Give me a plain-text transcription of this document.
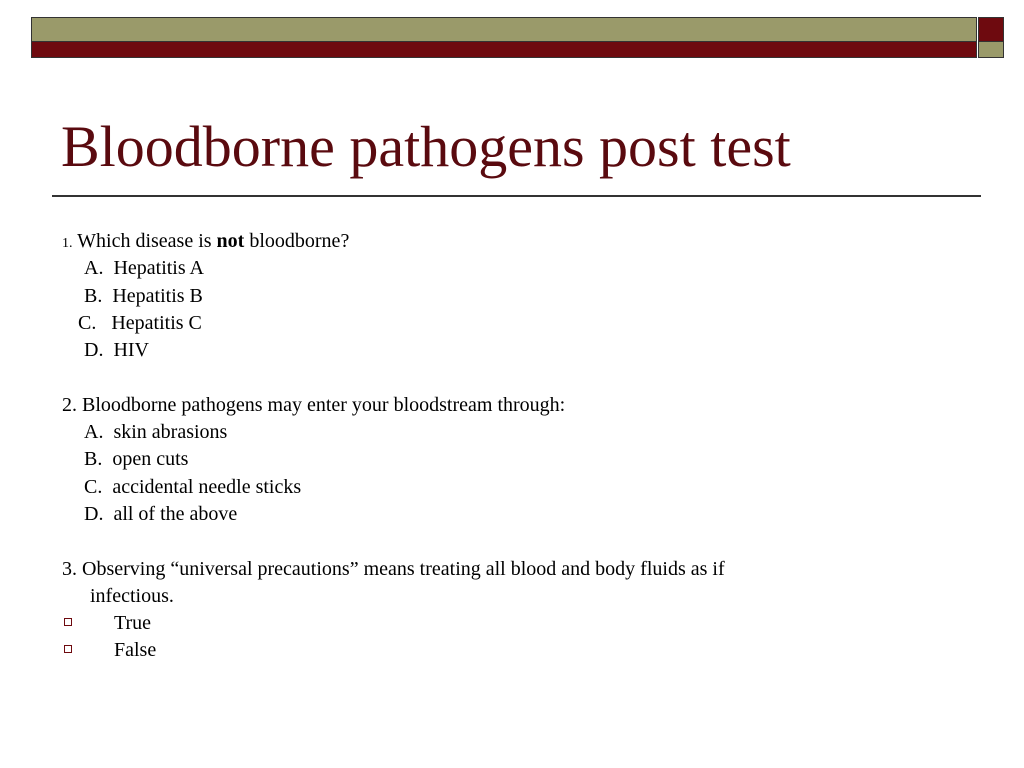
Bloodborne pathogens post test
1. Which disease is not bloodborne?
A.  Hepatitis A
B.  Hepatitis B
C.   Hepatitis C
D.  HIV
2. Bloodborne pathogens may enter your bloodstream through:
A.  skin abrasions
B.  open cuts
C.  accidental needle sticks
D.  all of the above
3. Observing “universal precautions” means treating all blood and body fluids as if
infectious.
True
False
